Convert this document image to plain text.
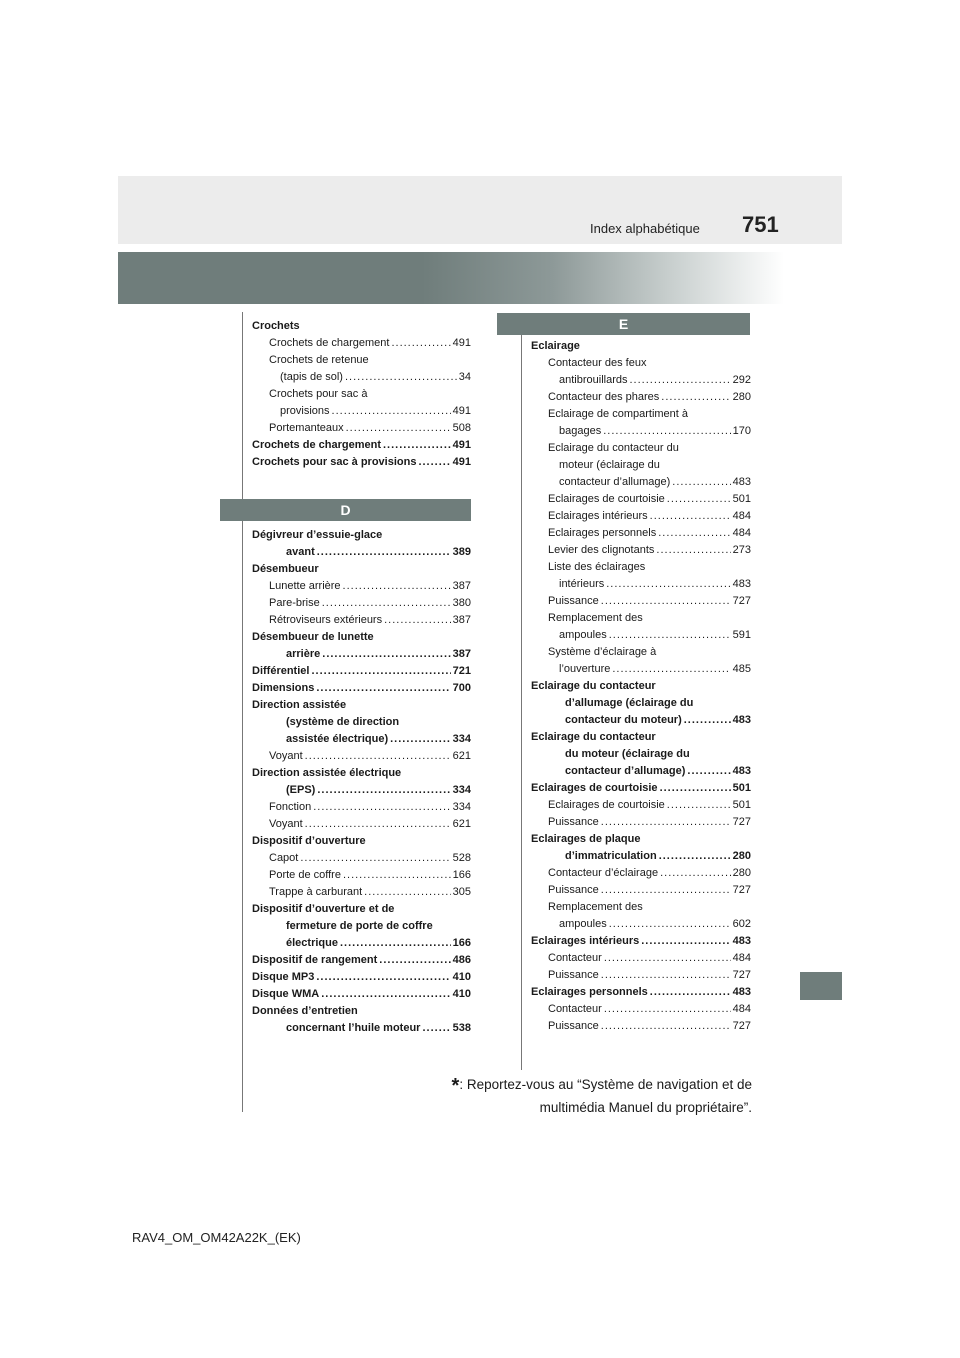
Index alphabétique 751
E
Crochets
Crochets de chargement .....	491
Crochets de retenue
(tapis de sol) .....	34
Crochets pour sac à
provisions .....	491
Portemanteaux .....	508
Crochets de chargement .....	491
Crochets pour sac à provisions .....	491
D
Dégivreur d’essuie-glace
avant .....	389
Désembueur
Lunette arrière .....	387
Pare-brise .....	380
Rétroviseurs extérieurs .....	387
Désembueur de lunette
arrière .....	387
Différentiel .....	721
Dimensions .....	700
Direction assistée
(système de direction
assistée électrique) .....	334
Voyant .....	621
Direction assistée électrique
(EPS) .....	334
Fonction .....	334
Voyant .....	621
Dispositif d’ouverture
Capot .....	528
Porte de coffre .....	166
Trappe à carburant .....	305
Dispositif d’ouverture et de
fermeture de porte de coffre
électrique .....	166
Dispositif de rangement .....	486
Disque MP3 .....	410
Disque WMA .....	410
Données d’entretien
concernant l’huile moteur .....	538
Eclairage
Contacteur des feux
antibrouillards .....	292
Contacteur des phares .....	280
Eclairage de compartiment à
bagages .....	170
Eclairage du contacteur du
moteur (éclairage du
contacteur d’allumage) .....	483
Eclairages de courtoisie .....	501
Eclairages intérieurs .....	484
Eclairages personnels .....	484
Levier des clignotants .....	273
Liste des éclairages
intérieurs .....	483
Puissance .....	727
Remplacement des
ampoules .....	591
Système d’éclairage à
l’ouverture .....	485
Eclairage du contacteur
d’allumage (éclairage du
contacteur du moteur) .....	483
Eclairage du contacteur
du moteur (éclairage du
contacteur d’allumage) .....	483
Eclairages de courtoisie .....	501
Eclairages de courtoisie .....	501
Puissance .....	727
Eclairages de plaque
d’immatriculation .....	280
Contacteur d’éclairage .....	280
Puissance .....	727
Remplacement des
ampoules .....	602
Eclairages intérieurs .....	483
Contacteur .....	484
Puissance .....	727
Eclairages personnels .....	483
Contacteur .....	484
Puissance .....	727
*: Reportez-vous au “Système de navigation et de
multimédia Manuel du propriétaire”.
RAV4_OM_OM42A22K_(EK)
